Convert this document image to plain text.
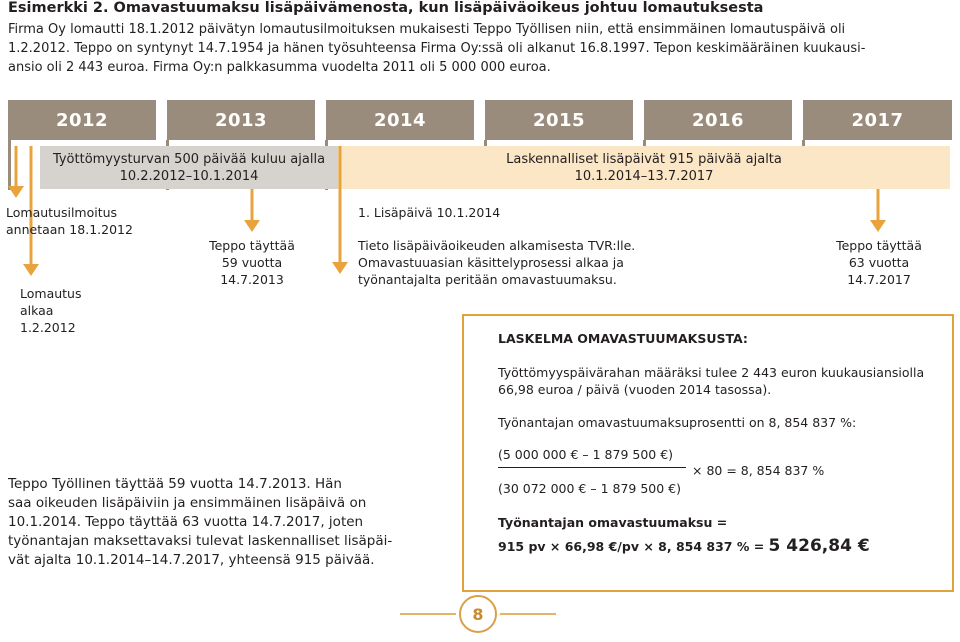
Esimerkki 2. Omavastuumaksu lisäpäivämenosta, kun lisäpäiväoikeus johtuu lomautuksesta
Firma Oy lomautti 18.1.2012 päivätyn lomautusilmoituksen mukaisesti Teppo Työllisen niin, että ensimmäinen lomautuspäivä oli
1.2.2012. Teppo on syntynyt 14.7.1954 ja hänen työsuhteensa Firma Oy:ssä oli alkanut 16.8.1997. Tepon keskimääräinen kuukausi-
ansio oli 2 443 euroa. Firma Oy:n palkkasumma vuodelta 2011 oli 5 000 000 euroa.
2012	2013	2014	2015	2016	2017
Työttömyysturvan 500 päivää kuluu ajalla
10.2.2012–10.1.2014
Laskennalliset lisäpäivät 915 päivää ajalta
10.1.2014–13.7.2017
Lomautusilmoitus
annetaan 18.1.2012
Lomautus
alkaa
1.2.2012
Teppo täyttää
59 vuotta
14.7.2013
1. Lisäpäivä 10.1.2014
Tieto lisäpäiväoikeuden alkamisesta TVR:lle.
Omavastuuasian käsittelyprosessi alkaa ja
työnantajalta peritään omavastuumaksu.
Teppo täyttää
63 vuotta
14.7.2017
LASKELMA OMAVASTUUMAKSUSTA:
Työttömyyspäivärahan määräksi tulee 2 443 euron kuukausiansiolla
66,98 euroa / päivä (vuoden 2014 tasossa).
Työnantajan omavastuumaksuprosentti on 8, 854 837 %:
(5 000 000 € – 1 879 500 €)
× 80 = 8, 854 837 %
(30 072 000 € – 1 879 500 €)
Työnantajan omavastuumaksu =
915 pv × 66,98 €/pv × 8, 854 837 % = 5 426,84 €
Teppo Työllinen täyttää 59 vuotta 14.7.2013. Hän
saa oikeuden lisäpäiviin ja ensimmäinen lisäpäivä on
10.1.2014. Teppo täyttää 63 vuotta 14.7.2017, joten
työnantajan maksettavaksi tulevat laskennalliset lisäpäi-
vät ajalta 10.1.2014–14.7.2017, yhteensä 915 päivää.
8
